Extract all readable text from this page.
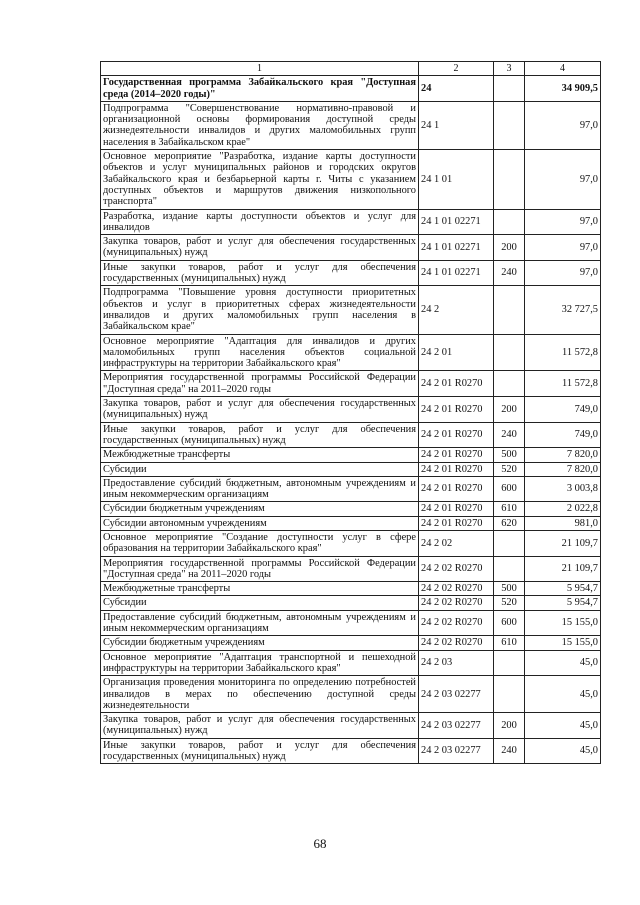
1	2	3	4
Государственная программа Забайкальского края "Доступная среда (2014–2020 годы)"	24		34 909,5
Подпрограмма "Совершенствование нормативно-правовой и организационной основы формирования доступной среды жизнедеятельности инвалидов и других маломобильных групп населения в Забайкальском крае"	24 1		97,0
Основное мероприятие "Разработка, издание карты доступности объектов и услуг муниципальных районов и городских округов Забайкальского края и безбарьерной карты г. Читы с указанием доступных объектов и маршрутов движения низкопольного транспорта"	24 1 01		97,0
Разработка, издание карты доступности объектов и услуг для инвалидов	24 1 01 02271		97,0
Закупка товаров, работ и услуг для обеспечения государственных (муниципальных) нужд	24 1 01 02271	200	97,0
Иные закупки товаров, работ и услуг для обеспечения государственных (муниципальных) нужд	24 1 01 02271	240	97,0
Подпрограмма "Повышение уровня доступности приоритетных объектов и услуг в приоритетных сферах жизнедеятельности инвалидов и других маломобильных групп населения в Забайкальском крае"	24 2		32 727,5
Основное мероприятие "Адаптация для инвалидов и других маломобильных групп населения объектов социальной инфраструктуры на территории Забайкальского края"	24 2 01		11 572,8
Мероприятия государственной программы Российской Федерации "Доступная среда" на 2011–2020 годы	24 2 01 R0270		11 572,8
Закупка товаров, работ и услуг для обеспечения государственных (муниципальных) нужд	24 2 01 R0270	200	749,0
Иные закупки товаров, работ и услуг для обеспечения государственных (муниципальных) нужд	24 2 01 R0270	240	749,0
Межбюджетные трансферты	24 2 01 R0270	500	7 820,0
Субсидии	24 2 01 R0270	520	7 820,0
Предоставление субсидий бюджетным, автономным учреждениям и иным некоммерческим организациям	24 2 01 R0270	600	3 003,8
Субсидии бюджетным учреждениям	24 2 01 R0270	610	2 022,8
Субсидии автономным учреждениям	24 2 01 R0270	620	981,0
Основное мероприятие "Создание доступности услуг в сфере образования на территории Забайкальского края"	24 2 02		21 109,7
Мероприятия государственной программы Российской Федерации "Доступная среда" на 2011–2020 годы	24 2 02 R0270		21 109,7
Межбюджетные трансферты	24 2 02 R0270	500	5 954,7
Субсидии	24 2 02 R0270	520	5 954,7
Предоставление субсидий бюджетным, автономным учреждениям и иным некоммерческим организациям	24 2 02 R0270	600	15 155,0
Субсидии бюджетным учреждениям	24 2 02 R0270	610	15 155,0
Основное мероприятие "Адаптация транспортной и пешеходной инфраструктуры на территории Забайкальского края"	24 2 03		45,0
Организация проведения мониторинга по определению потребностей инвалидов в мерах по обеспечению доступной среды жизнедеятельности	24 2 03 02277		45,0
Закупка товаров, работ и услуг для обеспечения государственных (муниципальных) нужд	24 2 03 02277	200	45,0
Иные закупки товаров, работ и услуг для обеспечения государственных (муниципальных) нужд	24 2 03 02277	240	45,0
68
